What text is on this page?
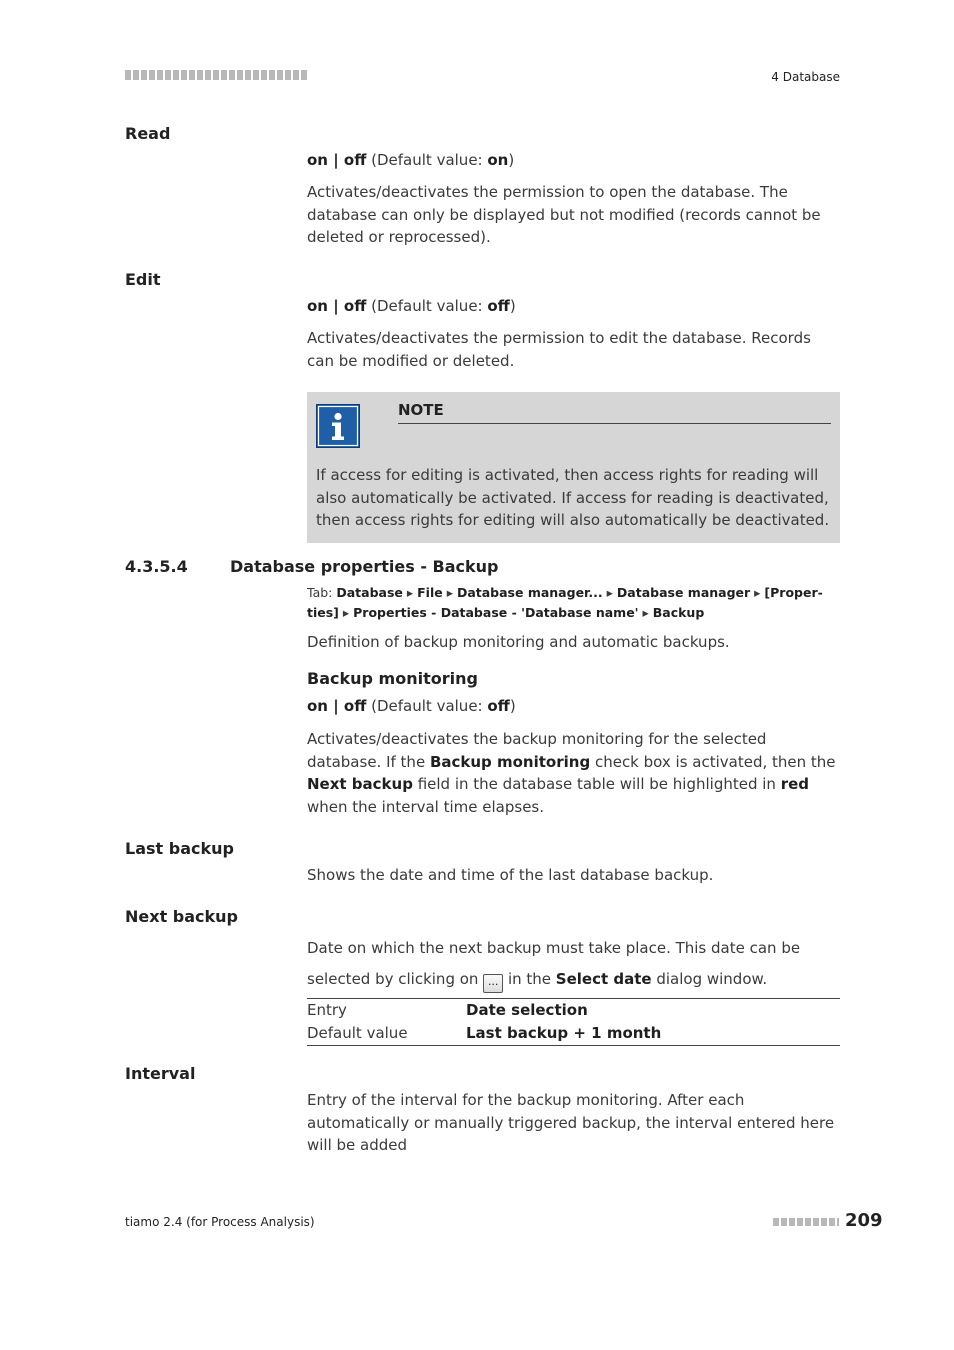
4 Database
Read

on | off (Default value: on)

Activates/deactivates the permission to open the database. The database can only be displayed but not modified (records cannot be deleted or reprocessed).

Edit

on | off (Default value: off)

Activates/deactivates the permission to edit the database. Records can be modified or deleted.

NOTE

If access for editing is activated, then access rights for reading will also automatically be activated. If access for reading is deactivated, then access rights for editing will also automatically be deactivated.

4.3.5.4	Database properties - Backup

Tab: Database ▸ File ▸ Database manager... ▸ Database manager ▸ [Proper-ties] ▸ Properties - Database - 'Database name' ▸ Backup

Definition of backup monitoring and automatic backups.

Backup monitoring

on | off (Default value: off)

Activates/deactivates the backup monitoring for the selected database. If the Backup monitoring check box is activated, then the Next backup field in the database table will be highlighted in red when the interval time elapses.

Last backup

Shows the date and time of the last database backup.

Next backup

Date on which the next backup must take place. This date can be selected by clicking on ... in the Select date dialog window.

Entry	Date selection
Default value	Last backup + 1 month
Interval

Entry of the interval for the backup monitoring. After each automatically or manually triggered backup, the interval entered here will be added

tiamo 2.4 (for Process Analysis)	209
